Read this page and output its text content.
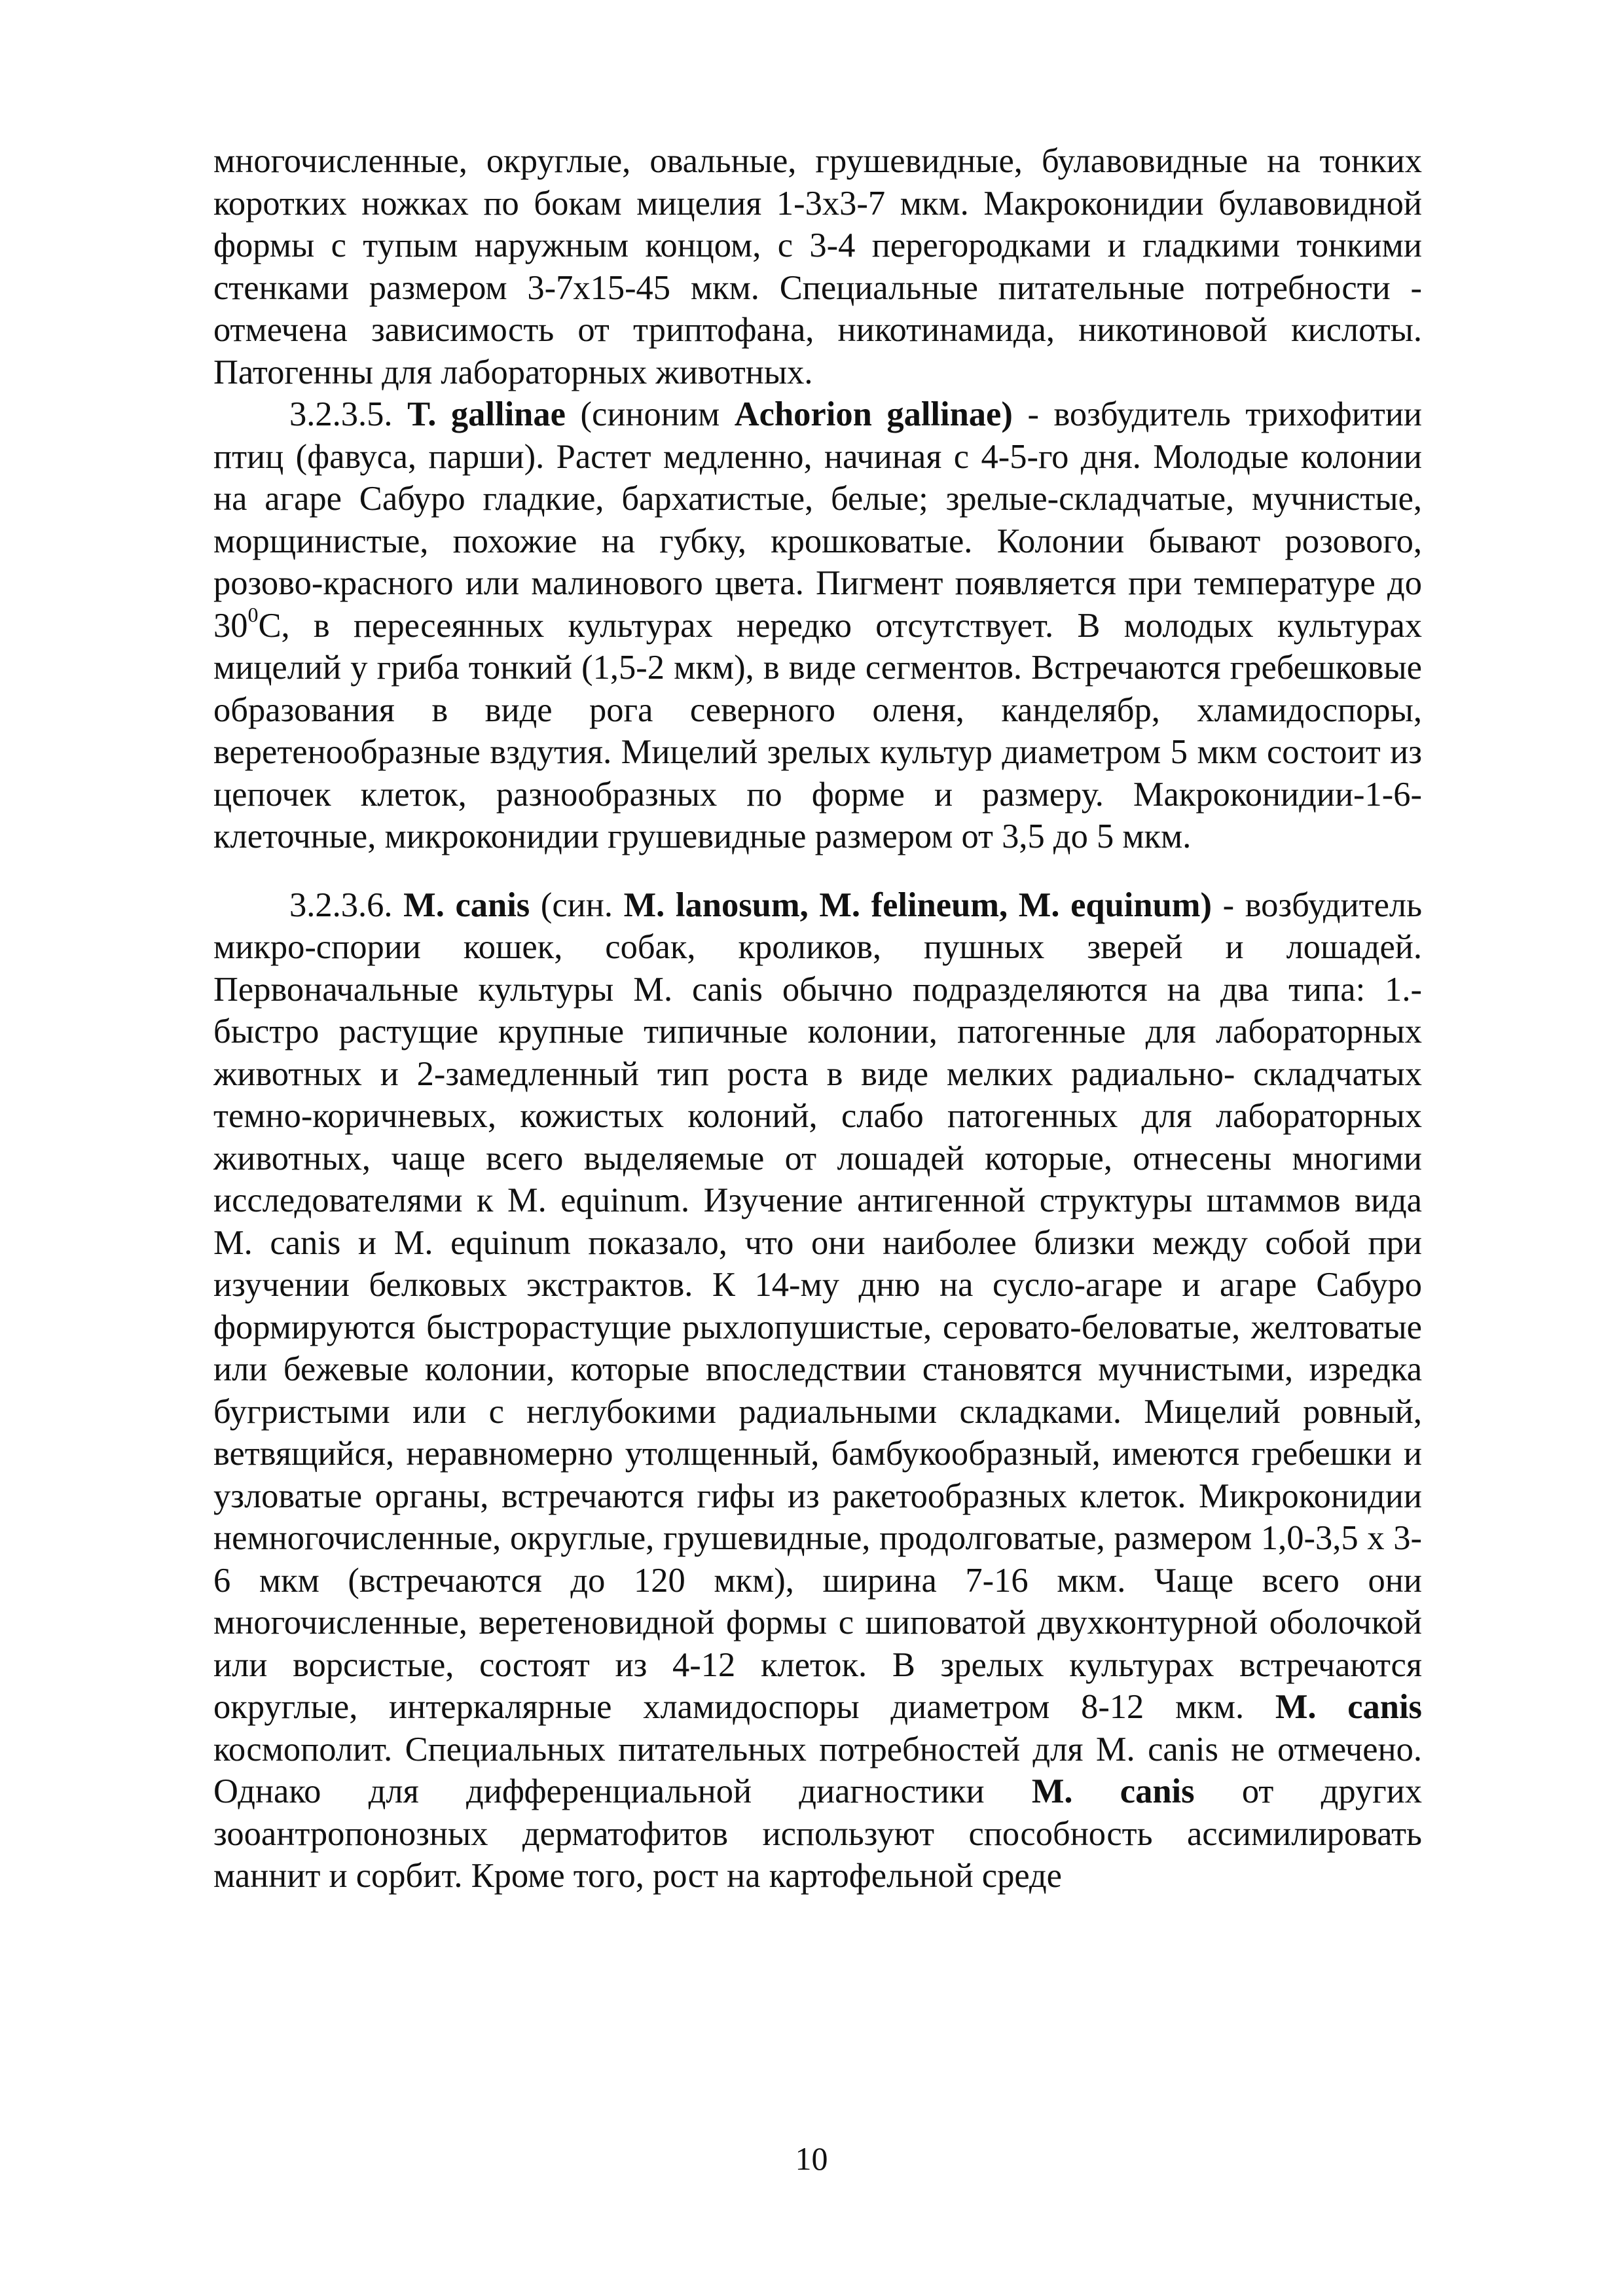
многочисленные, округлые, овальные, грушевидные, булавовидные на тонких коротких ножках по бокам мицелия 1-3х3-7 мкм. Макроконидии булавовидной формы с тупым наружным концом, с 3-4 перегородками и гладкими тонкими стенками размером 3-7х15-45 мкм. Специальные питательные потребности - отмечена зависимость от триптофана, никотинамида, никотиновой кислоты. Патогенны для лабораторных животных.

3.2.3.5. T. gallinae (синоним Achorion gallinae) - возбудитель трихофитии птиц (фавуса, парши). Растет медленно, начиная с 4-5-го дня. Молодые колонии на агаре Сабуро гладкие, бархатистые, белые; зрелые-складчатые, мучнистые, морщинистые, похожие на губку, крошковатые. Колонии бывают розового, розово-красного или малинового цвета. Пигмент появляется при температуре до $30^0С$, в пересеянных культурах нередко отсутствует. В молодых культурах мицелий у гриба тонкий (1,5-2 мкм), в виде сегментов. Встречаются гребешковые образования в виде рога северного оленя, канделябр, хламидоспоры, веретенообразные вздутия. Мицелий зрелых культур диаметром 5 мкм состоит из цепочек клеток, разнообразных по форме и размеру. Макроконидии-1-6-клеточные, микроконидии грушевидные размером от 3,5 до 5 мкм.

3.2.3.6. M. canis (син. M. lanosum, M. felineum, M. equinum) - возбудитель микро-спории кошек, собак, кроликов, пушных зверей и лошадей. Первоначальные культуры M. canis обычно подразделяются на два типа: 1.- быстро растущие крупные типичные колонии, патогенные для лабораторных животных и 2-замедленный тип роста в виде мелких радиально- складчатых темно-коричневых, кожистых колоний, слабо патогенных для лабораторных животных, чаще всего выделяемые от лошадей которые, отнесены многими исследователями к M. equinum. Изучение антигенной структуры штаммов вида M. canis и M. equinum показало, что они наиболее близки между собой при изучении белковых экстрактов. К 14-му дню на сусло-агаре и агаре Сабуро формируются быстрорастущие рыхлопушистые, серовато-беловатые, желтоватые или бежевые колонии, которые впоследствии становятся мучнистыми, изредка бугристыми или с неглубокими радиальными складками. Мицелий ровный, ветвящийся, неравномерно утолщенный, бамбукообразный, имеются гребешки и узловатые органы, встречаются гифы из ракетообразных клеток. Микроконидии немногочисленные, округлые, грушевидные, продолговатые, размером 1,0-3,5 х 3-6 мкм (встречаются до 120 мкм), ширина 7-16 мкм. Чаще всего они многочисленные, веретеновидной формы с шиповатой двухконтурной оболочкой или ворсистые, состоят из 4-12 клеток. В зрелых культурах встречаются округлые, интеркалярные хламидоспоры диаметром 8-12 мкм. M. canis космополит. Специальных питательных потребностей для M. canis не отмечено. Однако для дифференциальной диагностики M. canis от других зооантропонозных дерматофитов используют способность ассимилировать маннит и сорбит. Кроме того, рост на картофельной среде

10
